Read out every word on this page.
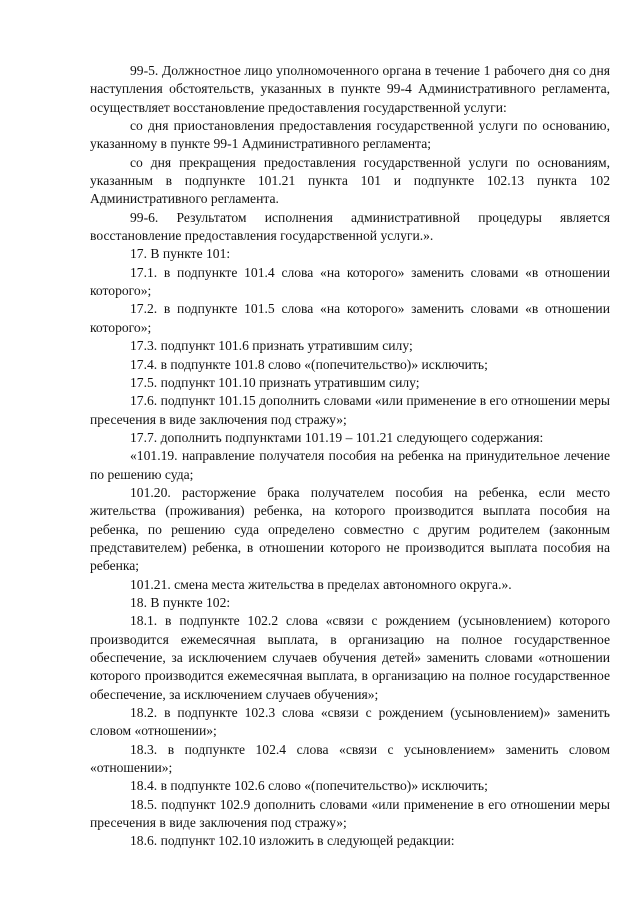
99-5. Должностное лицо уполномоченного органа в течение 1 рабочего дня со дня наступления обстоятельств, указанных в пункте 99-4 Административного регламента, осуществляет восстановление предоставления государственной услуги:

со дня приостановления предоставления государственной услуги по основанию, указанному в пункте 99-1 Административного регламента;

со дня прекращения предоставления государственной услуги по основаниям, указанным в подпункте 101.21 пункта 101 и подпункте 102.13 пункта 102 Административного регламента.

99-6. Результатом исполнения административной процедуры является восстановление предоставления государственной услуги.».

17. В пункте 101:

17.1. в подпункте 101.4 слова «на которого» заменить словами «в отношении которого»;

17.2. в подпункте 101.5 слова «на которого» заменить словами «в отношении которого»;

17.3. подпункт 101.6 признать утратившим силу;

17.4. в подпункте 101.8 слово «(попечительство)» исключить;

17.5. подпункт 101.10 признать утратившим силу;

17.6. подпункт 101.15 дополнить словами «или применение в его отношении меры пресечения в виде заключения под стражу»;

17.7. дополнить подпунктами 101.19 – 101.21 следующего содержания:

«101.19. направление получателя пособия на ребенка на принудительное лечение по решению суда;

101.20. расторжение брака получателем пособия на ребенка, если место жительства (проживания) ребенка, на которого производится выплата пособия на ребенка, по решению суда определено совместно с другим родителем (законным представителем) ребенка, в отношении которого не производится выплата пособия на ребенка;

101.21. смена места жительства в пределах автономного округа.».

18. В пункте 102:

18.1. в подпункте 102.2 слова «связи с рождением (усыновлением) которого производится ежемесячная выплата, в организацию на полное государственное обеспечение, за исключением случаев обучения детей» заменить словами «отношении которого производится ежемесячная выплата, в организацию на полное государственное обеспечение, за исключением случаев обучения»;

18.2. в подпункте 102.3 слова «связи с рождением (усыновлением)» заменить словом «отношении»;

18.3. в подпункте 102.4 слова «связи с усыновлением» заменить словом «отношении»;

18.4. в подпункте 102.6 слово «(попечительство)» исключить;

18.5. подпункт 102.9 дополнить словами «или применение в его отношении меры пресечения в виде заключения под стражу»;

18.6. подпункт 102.10 изложить в следующей редакции:
